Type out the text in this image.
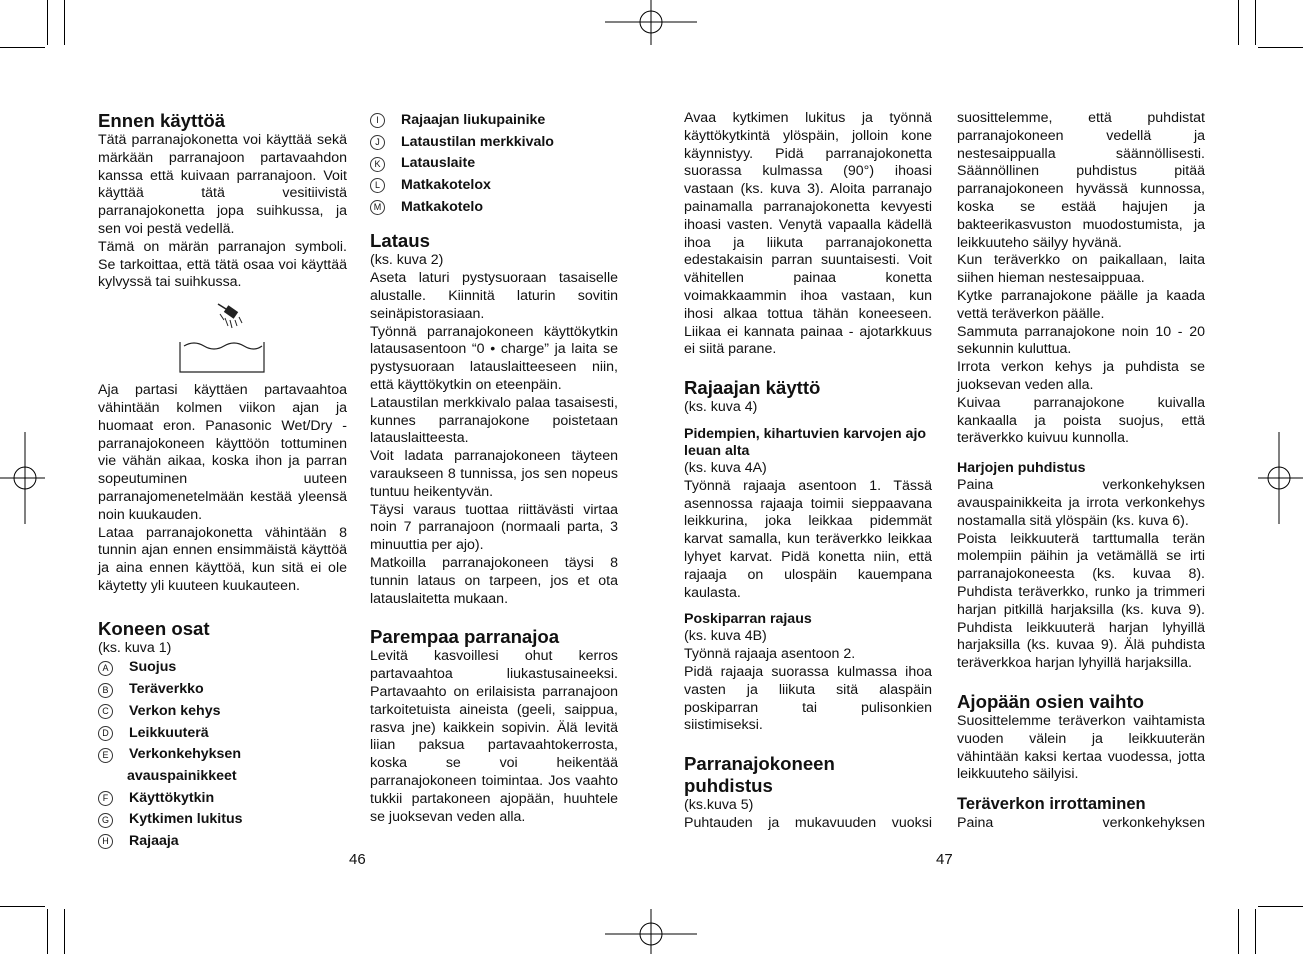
Ennen käyttöä

Tätä parranajokonetta voi käyttää sekä märkään parranajoon partavaahdon kanssa että kuivaan parranajoon. Voit käyttää tätä vesitiivistä parranajokonetta jopa suihkussa, ja sen voi pestä vedellä.

Tämä on märän parranajon symboli. Se tarkoittaa, että tätä osaa voi käyttää kylvyssä tai suihkussa.

Aja partasi käyttäen partavaahtoa vähintään kolmen viikon ajan ja huomaat eron. Panasonic Wet/Dry -parranajokoneen käyttöön tottuminen vie vähän aikaa, koska ihon ja parran sopeutuminen uuteen parranajomenetelmään kestää yleensä noin kuukauden.

Lataa parranajokonetta vähintään 8 tunnin ajan ennen ensimmäistä käyttöä ja aina ennen käyttöä, kun sitä ei ole käytetty yli kuuteen kuukauteen.

Koneen osat
(ks. kuva 1)
A	Suojus
B	Teräverkko
C Verkon kehys
D Leikkuuterä
E	Verkonkehyksen
avauspainikkeet
F	Käyttökytkin
G Kytkimen lukitus
H Rajaaja
I	Rajaajan liukupainike
J	Lataustilan merkkivalo
K	Latauslaite
L	Matkakotelox
M Matkakotelo
Lataus
(ks. kuva 2)

Aseta laturi pystysuoraan tasaiselle alustalle. Kiinnitä laturin sovitin seinäpistorasiaan.

Työnnä parranajokoneen käyttökytkin latausasentoon “0 • charge” ja laita se pystysuoraan latauslaitteeseen niin, että käyttökytkin on eteenpäin.

Lataustilan merkkivalo palaa tasaisesti, kunnes parranajokone poistetaan latauslaitteesta.

Voit ladata parranajokoneen täyteen varaukseen 8 tunnissa, jos sen nopeus tuntuu heikentyvän.

Täysi varaus tuottaa riittävästi virtaa noin 7 parranajoon (normaali parta, 3 minuuttia per ajo).

Matkoilla parranajokoneen täysi 8 tunnin lataus on tarpeen, jos et ota latauslaitetta mukaan.

Parempaa parranajoa

Levitä kasvoillesi ohut kerros partavaahtoa liukastusaineeksi. Partavaahto on erilaisista parranajoon tarkoitetuista aineista (geeli, saippua, rasva jne) kaikkein sopivin. Älä levitä liian paksua partavaahtokerrosta, koska se voi heikentää parranajokoneen toimintaa. Jos vaahto tukkii partakoneen ajopään, huuhtele se juoksevan veden alla.

Avaa kytkimen lukitus ja työnnä käyttökytkintä ylöspäin, jolloin kone käynnistyy. Pidä parranajokonetta suorassa kulmassa (90°) ihoasi vastaan (ks. kuva 3). Aloita parranajo painamalla parranajokonetta kevyesti ihoasi vasten. Venytä vapaalla kädellä ihoa ja liikuta parranajokonetta edestakaisin parran suuntaisesti. Voit vähitellen painaa konetta voimakkaammin ihoa vastaan, kun ihosi alkaa tottua tähän koneeseen. Liikaa ei kannata painaa - ajotarkkuus ei siitä parane.

Rajaajan käyttö
(ks. kuva 4)
Pidempien, kihartuvien karvojen ajo leuan alta
(ks. kuva 4A)

Työnnä rajaaja asentoon 1. Tässä asennossa rajaaja toimii sieppaavana leikkurina, joka leikkaa pidemmät karvat samalla, kun teräverkko leikkaa lyhyet karvat. Pidä konetta niin, että rajaaja on ulospäin kauempana kaulasta.

Poskiparran rajaus
(ks. kuva 4B)

Työnnä rajaaja asentoon 2.

Pidä rajaaja suorassa kulmassa ihoa vasten ja liikuta sitä alaspäin poskiparran tai pulisonkien siistimiseksi.

Parranajokoneen puhdistus
(ks.kuva 5)

Puhtauden ja mukavuuden vuoksi

suosittelemme, että puhdistat parranajokoneen vedellä ja nestesaippualla säännöllisesti. Säännöllinen puhdistus pitää parranajokoneen hyvässä kunnossa, koska se estää hajujen ja bakteerikasvuston muodostumista, ja leikkuuteho säilyy hyvänä.

Kun teräverkko on paikallaan, laita siihen hieman nestesaippuaa.

Kytke parranajokone päälle ja kaada vettä teräverkon päälle.

Sammuta parranajokone noin 10 - 20 sekunnin kuluttua.

Irrota verkon kehys ja puhdista se juoksevan veden alla.

Kuivaa parranajokone kuivalla kankaalla ja poista suojus, että teräverkko kuivuu kunnolla.

Harjojen puhdistus

Paina verkonkehyksen avauspainikkeita ja irrota verkonkehys nostamalla sitä ylöspäin (ks. kuva 6).

Poista leikkuuterä tarttumalla terän molempiin päihin ja vetämällä se irti parranajokoneesta (ks. kuvaa 8). Puhdista teräverkko, runko ja trimmeri harjan pitkillä harjaksilla (ks. kuva 9). Puhdista leikkuuterä harjan lyhyillä harjaksilla (ks. kuvaa 9). Älä puhdista teräverkkoa harjan lyhyillä harjaksilla.

Ajopään osien vaihto

Suosittelemme teräverkon vaihtamista vuoden välein ja leikkuuterän vähintään kaksi kertaa vuodessa, jotta leikkuuteho säilyisi.

Teräverkon irrottaminen

Paina verkonkehyksen

46	47
